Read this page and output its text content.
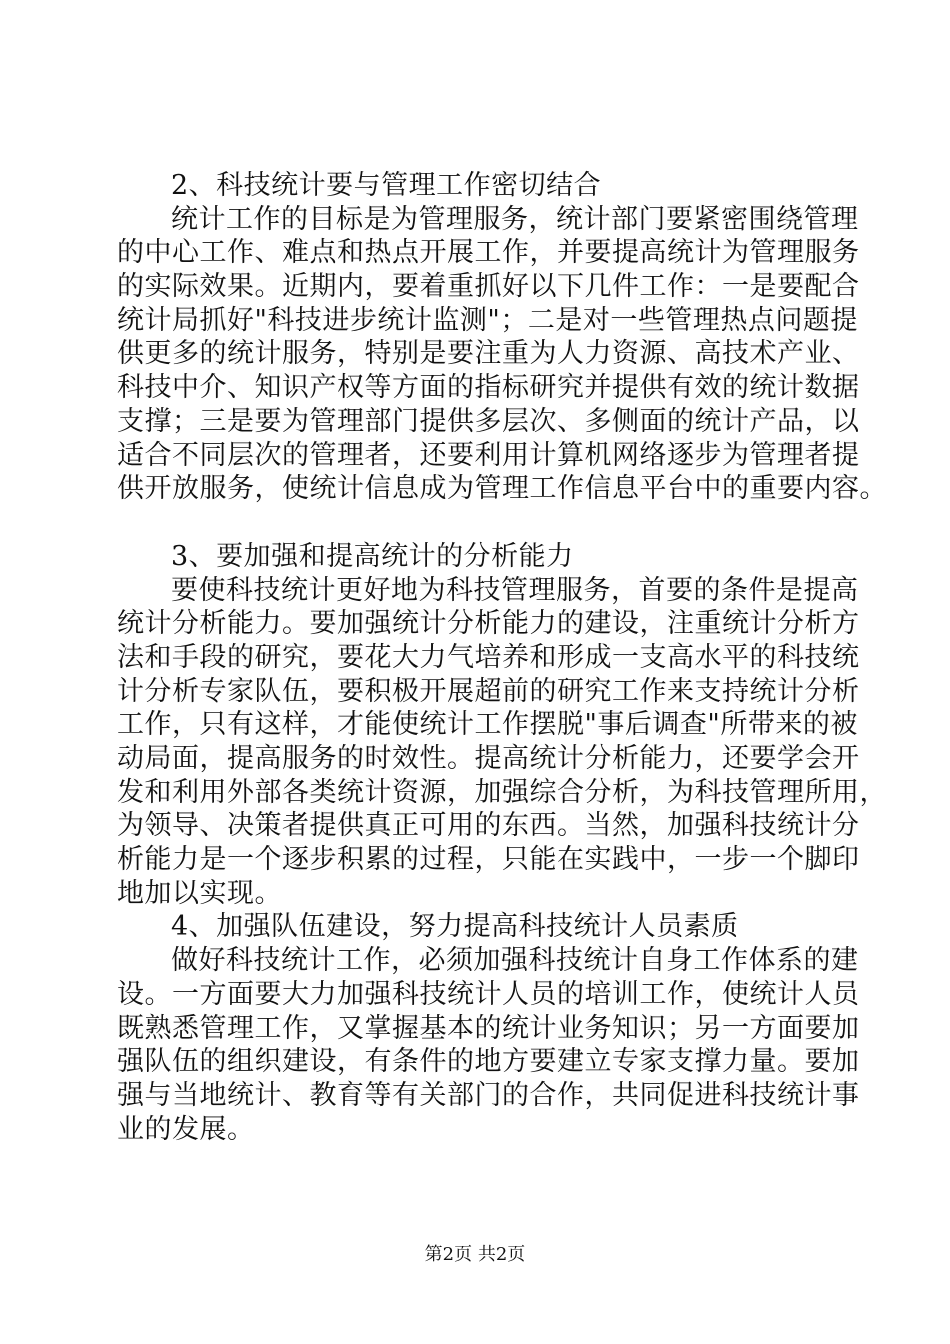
2、科技统计要与管理工作密切结合
统计工作的目标是为管理服务，统计部门要紧密围绕管理
的中心工作、难点和热点开展工作，并要提高统计为管理服务
的实际效果。近期内，要着重抓好以下几件工作：一是要配合
统计局抓好"科技进步统计监测"；二是对一些管理热点问题提
供更多的统计服务，特别是要注重为人力资源、高技术产业、
科技中介、知识产权等方面的指标研究并提供有效的统计数据
支撑；三是要为管理部门提供多层次、多侧面的统计产品，以
适合不同层次的管理者，还要利用计算机网络逐步为管理者提
供开放服务，使统计信息成为管理工作信息平台中的重要内容。
3、要加强和提高统计的分析能力
要使科技统计更好地为科技管理服务，首要的条件是提高
统计分析能力。要加强统计分析能力的建设，注重统计分析方
法和手段的研究，要花大力气培养和形成一支高水平的科技统
计分析专家队伍，要积极开展超前的研究工作来支持统计分析
工作，只有这样，才能使统计工作摆脱"事后调查"所带来的被
动局面，提高服务的时效性。提高统计分析能力，还要学会开
发和利用外部各类统计资源，加强综合分析，为科技管理所用，
为领导、决策者提供真正可用的东西。当然，加强科技统计分
析能力是一个逐步积累的过程，只能在实践中，一步一个脚印
地加以实现。
4、加强队伍建设，努力提高科技统计人员素质
做好科技统计工作，必须加强科技统计自身工作体系的建
设。一方面要大力加强科技统计人员的培训工作，使统计人员
既熟悉管理工作，又掌握基本的统计业务知识；另一方面要加
强队伍的组织建设，有条件的地方要建立专家支撑力量。要加
强与当地统计、教育等有关部门的合作，共同促进科技统计事
业的发展。
第2页 共2页
